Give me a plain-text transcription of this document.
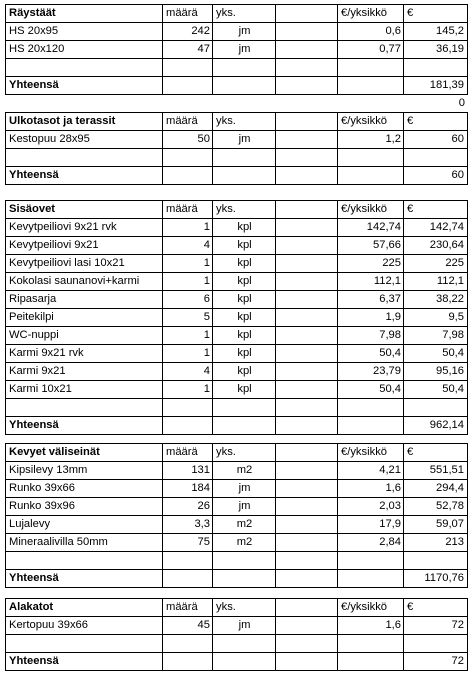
Räystäät	määrä	yks.	€/yksikkö	€
HS 20x95	242	jm	0,6	145,2
HS 20x120	47	jm	0,77	36,19
Yhteensä	181,39
0
Ulkotasot ja terassit	määrä	yks.	€/yksikkö	€
Kestopuu 28x95	50	jm	1,2	60
Yhteensä	60
Sisäovet	määrä	yks.	€/yksikkö	€
Kevytpeiliovi 9x21 rvk	1	kpl	142,74	142,74
Kevytpeiliovi 9x21	4	kpl	57,66	230,64
Kevytpeiliovi lasi 10x21	1	kpl	225	225
Kokolasi saunanovi+karmi	1	kpl	112,1	112,1
Ripasarja	6	kpl	6,37	38,22
Peitekilpi	5	kpl	1,9	9,5
WC-nuppi	1	kpl	7,98	7,98
Karmi 9x21 rvk	1	kpl	50,4	50,4
Karmi 9x21	4	kpl	23,79	95,16
Karmi 10x21	1	kpl	50,4	50,4
Yhteensä	962,14
Kevyet väliseinät	määrä	yks.	€/yksikkö	€
Kipsilevy 13mm	131	m2	4,21	551,51
Runko 39x66	184	jm	1,6	294,4
Runko 39x96	26	jm	2,03	52,78
Lujalevy	3,3	m2	17,9	59,07
Mineraalivilla 50mm	75	m2	2,84	213
Yhteensä	1170,76
Alakatot	määrä	yks.	€/yksikkö	€
Kertopuu 39x66	45	jm	1,6	72
Yhteensä	72
